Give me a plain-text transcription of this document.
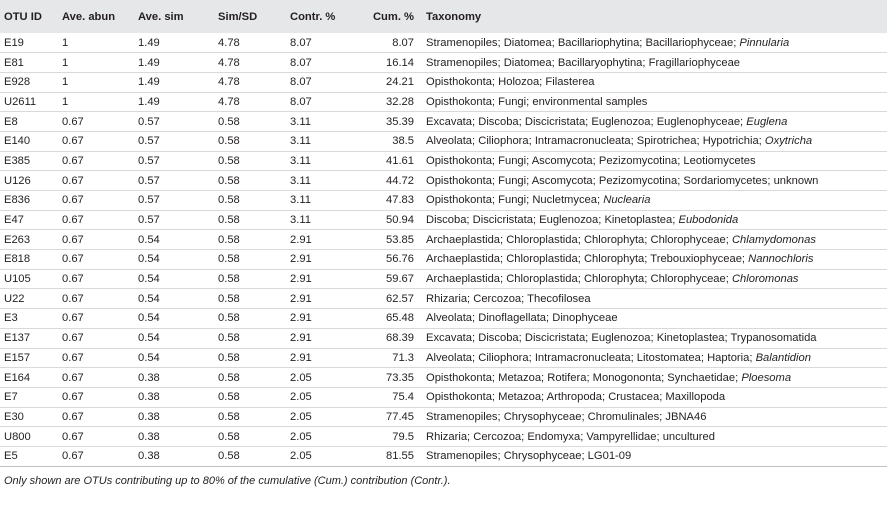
OTU ID	Ave. abun	Ave. sim	Sim/SD	Contr. %	Cum. %	Taxonomy
E19	1	1.49	4.78	8.07	8.07	Stramenopiles; Diatomea; Bacillariophytina; Bacillariophyceae; Pinnularia
E81	1	1.49	4.78	8.07	16.14	Stramenopiles; Diatomea; Bacillaryophytina; Fragillariophyceae
E928	1	1.49	4.78	8.07	24.21	Opisthokonta; Holozoa; Filasterea
U2611	1	1.49	4.78	8.07	32.28	Opisthokonta; Fungi; environmental samples
E8	0.67	0.57	0.58	3.11	35.39	Excavata; Discoba; Discicristata; Euglenozoa; Euglenophyceae; Euglena
E140	0.67	0.57	0.58	3.11	38.5	Alveolata; Ciliophora; Intramacronucleata; Spirotrichea; Hypotrichia; Oxytricha
E385	0.67	0.57	0.58	3.11	41.61	Opisthokonta; Fungi; Ascomycota; Pezizomycotina; Leotiomycetes
U126	0.67	0.57	0.58	3.11	44.72	Opisthokonta; Fungi; Ascomycota; Pezizomycotina; Sordariomycetes; unknown
E836	0.67	0.57	0.58	3.11	47.83	Opisthokonta; Fungi; Nucletmycea; Nuclearia
E47	0.67	0.57	0.58	3.11	50.94	Discoba; Discicristata; Euglenozoa; Kinetoplastea; Eubodonida
E263	0.67	0.54	0.58	2.91	53.85	Archaeplastida; Chloroplastida; Chlorophyta; Chlorophyceae; Chlamydomonas
E818	0.67	0.54	0.58	2.91	56.76	Archaeplastida; Chloroplastida; Chlorophyta; Trebouxiophyceae; Nannochloris
U105	0.67	0.54	0.58	2.91	59.67	Archaeplastida; Chloroplastida; Chlorophyta; Chlorophyceae; Chloromonas
U22	0.67	0.54	0.58	2.91	62.57	Rhizaria; Cercozoa; Thecofilosea
E3	0.67	0.54	0.58	2.91	65.48	Alveolata; Dinoflagellata; Dinophyceae
E137	0.67	0.54	0.58	2.91	68.39	Excavata; Discoba; Discicristata; Euglenozoa; Kinetoplastea; Trypanosomatida
E157	0.67	0.54	0.58	2.91	71.3	Alveolata; Ciliophora; Intramacronucleata; Litostomatea; Haptoria; Balantidion
E164	0.67	0.38	0.58	2.05	73.35	Opisthokonta; Metazoa; Rotifera; Monogononta; Synchaetidae; Ploesoma
E7	0.67	0.38	0.58	2.05	75.4	Opisthokonta; Metazoa; Arthropoda; Crustacea; Maxillopoda
E30	0.67	0.38	0.58	2.05	77.45	Stramenopiles; Chrysophyceae; Chromulinales; JBNA46
U800	0.67	0.38	0.58	2.05	79.5	Rhizaria; Cercozoa; Endomyxa; Vampyrellidae; uncultured
E5	0.67	0.38	0.58	2.05	81.55	Stramenopiles; Chrysophyceae; LG01-09
Only shown are OTUs contributing up to 80% of the cumulative (Cum.) contribution (Contr.).
